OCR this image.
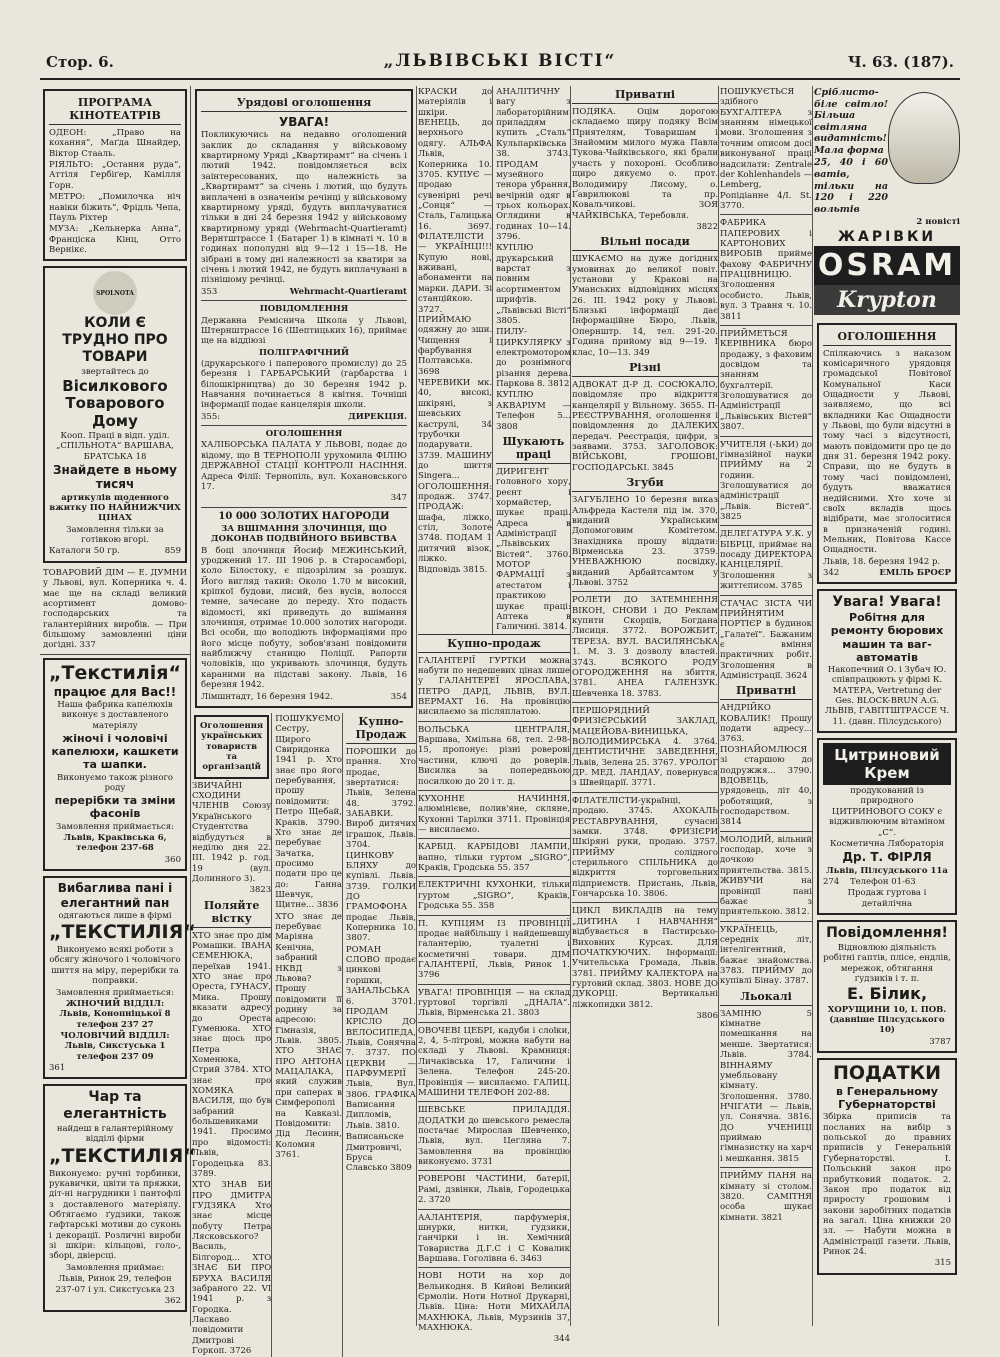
Стор. 6.	„ЛЬВІВСЬКІ ВІСТІ“	Ч. 63. (187).
ПРОГРАМА КІНОТЕАТРІВ
ОДЕОН: „Право на кохання“, Маґда Шнайдер, Віктор Стааль.
РІЯЛЬТО: „Остання руда“, Аттіля Гербіґер, Камілля Горн.
МЕТРО: „Помилочка ніч навіки біжить“, Фрідль Чепа, Пауль Ріхтер
МУЗА: „Кельнерка Анна“, Франціска Кінц, Отто Вернікє.
SPOLNOTA
КОЛИ Є ТРУДНО ПРО ТОВАРИ
звертайтесь до
Вісилкового Товарового Дому
Кооп. Праці в відп. уділ. „СПІЛЬНОТА“ ВАРШАВА, БРАТСЬКА 18
Знайдете в ньому тисяч
артикулів щоденного вжитку ПО НАЙНИЖЧИХ ЦІНАХ
Замовлення тільки за готівкою вгорі.
Каталоги 50 гр.	859
ТОВАРОВИЙ ДІМ — Е. ДУМНИ у Львові, вул. Коперника ч. 4. має ще на складі великий асортимент домово-господарських та галантерійних виробів. — При більшому замовленні ціни догідні. 337
„Текстилія“
працює для Вас!!
Наша фабрика капелюхів виконує з доставленого матеріялу
жіночі і чоловічі капелюхи, кашкети та шапки.
Виконуємо також різного роду
перерібки та зміни фасонів
Замовлення приймається:
Львів, Краківська 6, телефон 237-68
360
Вибаглива пані і елегантний пан
одягаються лише в фірмі
„ТЕКСТИЛІЯ“
Виконуємо всякі роботи з обсягу жіночого і чоловічого шиття на міру, перерібки та поправки.
Замовлення приймається:
ЖІНОЧИЙ ВІДДІЛ: Львів, Конопніцької 8 телефон 237 27
ЧОЛОВІЧИЙ ВІДДІЛ: Львів, Сикстуська 1 телефон 237 09
361
Чар та елегантність
найдеш в галантерійному відділі фірми
„ТЕКСТИЛІЯ“
Виконуємо: ручні торбинки, рукавички, цвіти та пряжки, діт-ні нагрудники і пантофлі з доставленого матеріялу. Обтягаємо ґудзики, також гафтарські мотиви до суконь і декорації. Розличні вироби зі шкіри: кільщові, голо-, зборі, двіерсці.
Замовлення приймає:
Львів, Ринок 29, телефон 237-07 і ул. Сикстуська 23
362
Урядові оголошення
УВАГА!
Покликуючись на недавно оголошений заклик до складання у військовому квартирному Уряді „Квартирамт“ на січень і лютий 1942. повідомляється всіх заінтересованих, що належність за „Квартирамт“ за січень і лютий, що будуть виплачені в означенім речінці у військовому квартирному уряді, будуть виплачуватися тільки в дні 24 березня 1942 у військовому квартирному уряді (Wehrmacht-Quartieramt) Вернтштрассе 1 (Батарег 1) в кімнаті ч. 10 в годинах пополудні від 9—12 і 15—18. Не зібрані в тому дні належності за кватири за січень і лютий 1942, не будуть виплачувані в пізнішому речінці.
353	Wehrmacht-Quartieramt
ПОВІДОМЛЕННЯ
Державна Реміснича Школа у Львові, Штернштрассе 16 (Шептицьких 16), приймає ще на віддіюзі
ПОЛІГРАФІЧНИЙ
(друкарського і паперового промислу) до 25 березня і ГАРБАРСЬКИЙ (гарбарства і білошкірництва) до 30 березня 1942 р. Навчання починається 8 квітня. Точніші інформації подає канцелярія школи.
355:	ДИРЕКЦІЯ.
ОГОЛОШЕННЯ
ХАЛІБОРСЬКА ПАЛАТА У ЛЬВОВІ, подає до відому, що В ТЕРНОПОЛІ урухомила ФІЛІЮ ДЕРЖАВНОЇ СТАЦІЇ КОНТРОЛІ НАСІННЯ. Адреса Філії: Тернопіль, вул. Кохановського 17.
347
10 000 ЗОЛОТИХ НАГОРОДИ
ЗА ВШІМАННЯ ЗЛОЧИНЦЯ, ЩО ДОКОНАВ ПОДВІЙНОГО ВБИВСТВА
В боці злочинця Йосиф МЕЖИНСЬКИЙ, уроджений 17. III 1906 р. в Старосамборі, коло Білостоку, є підозрілим за розшук. Його вигляд такий: Около 1.70 м високий, кріпкої будови, лисий, без вусів, волосся темне, зачесане до переду. Хто подасть відомості, які приведуть до вшімання злочинця, отримає 10.000 золотих нагороди. Всі особи, що володіють інформаціями про його місце побуту, зобов'язані повідомити найближчу станицю Поліції. Рапорти чоловіків, що укривають злочинця, будуть караними на підставі закону. Львів, 16 березня 1942.
Лімшнтадт, 16 березня 1942.	354
Оголошення українських товариств та організацій
ЗВИЧАЙНІ СХОДИНИ ЧЛЕНІВ Союзу Українського Студентства відбудуться в неділю дня 22. III. 1942 р. год. 19 (вул. Долинного 3).
3823
Поляйте вістку
ХТО знає про дім Ромашки. ІВАНА СЕМЕНЮКА, переїхав 1941. ХТО знає про Ореста, ГУНАСУ, Мика. Прошу вказати адресу до Ореста Гуменюка. ХТО знає щось про Петра Хоменюка, Стрий 3784. ХТО знає про ХОМЯКА ВАСИЛЯ, що був забраний большевиками 1941. Просимо про відомості: Львів, Городецька 83. 3789.
ХТО ЗНАВ БИ ПРО ДМИТРА ГУДЗЯКА Хто знає місце побуту Петра Лясковського? Василь, Білгород... ХТО ЗНАЄ БИ ПРО БРУХА ВАСИЛЯ забраного 22. VI 1941 р. з Городка. Ласкаво повідомити Дмитрові Горкоп. 3726
ПОШУКУЄМО Сестру, Щирого Свиридонка 1941 р. Хто знає про його перебування, прошу повідомити: Петро Щебай, Краків. 3790. Хто знає де перебуває Зачатка, просимо подати про це до: Ганна Шевчук, Щитне... 3836
ХТО знає де перебуває Маріяна Кенічна, забраний НКВД з Львова? Прошу повідомити її родину за адресою: Гімназія, Львів. 3805. ХТО ЗНАЄ ПРО АНТОНА МАЦАЛАКА, який служив при саперах в Симферополі на Кавказі. Повідомити: Дід Лесинн, Коломия 3761.
Купно-Продаж
ПОРОШКИ до прання. Хто продає, звертатися: Львів, Зелена 48. 3792. ЗАБАВКИ. Вироб дитячих іграшок, Львів. 3704. ЦИНКОВУ БЛЯХУ до купівлі. Львів. 3739. ГОЛКИ ДО ГРАМОФОНА продає Львів, Коперника 10. 3807.
РОМАН СЛОВО продає цинкові горшки, ЗАНАЛЬСЬКА 6. 3701. ПРОДАМ КРІСЛО ДО ВЕЛОСИПЕДА, Львів, Сонячна 7. 3737. ПО ЦЕРКВИ — ПАРФУМЕРІЇ Львів, Вул. 3806. ГРАФІКА Ваписання Дипломів, Львів. 3810.
Ваписаньске Дмитровичі, Бруса Славсько 3809
КРАСКИ до матеріялів і шкіри. ВЕНЕЦЬ, до верхнього одягу. АЛЬФА Львів, Коперника 10. 3705. КУПУЄ — продаю сувенірні речі „Сонця“ — Сталь, Галицька 16. 3697. ФІЛАТЕЛІСТИ — УКРАЇНЦІ!!! Купую нові, вживані, абонаменти на марки. ДАРИ. Зі станційкою. 3727. ПРИЙМАЮ одяжну до зши. Чищення і фарбування Полтавська. 3698
ЧЕРЕВИКИ мк. 40, високі, шкіряні, з шевських каструлі, 34 трубочки подарувати. 3739. МАШИНУ до шиття Singera... ОГОЛОШЕННЯ: продаж. 3747. ПРОДАЖ: шафа, ліжко, стіл, Золоте 3748. ПОДАМ 1 дитячий візок, ліжко. Відповідь 3815.
АНАЛІТИЧНУ вагу з лабораторійним приладдям купить „Сталь“ Кульпарківська 38. 3743. ПРОДАМ музейного тенора убрання, вечірній одяг в трьох кольорах. Оглядини в годинах 10—14. 3796.
КУПЛЮ друкарський варстат з повним асортиментом шрифтів. „Львівські Вісті“ 3805.
ПИЛУ-ЦИРКУЛЯРКУ з електромотором до рознімного різання дерева. Паркова 8. 3812
КУПЛЮ АКВАРІУМ — Телефон 5... 3808
Шукають праці
ДИРИГЕНТ головного хору, реєнт і хормайстер, шукає праці. Адреса в Адміністрації „Львівських Вістей“. 3760. МОТОР ФАРМАЦІЇ з атестатом і практикою шукає праці: Аптека в Галичині. 3814.
Купно-продаж
ГАЛАНТЕРІЇ ГУРТКИ можна набути по недешевих цінах лише у ГАЛАНТЕРЕЇ ЯРОСЛАВА, ПЕТРО ДАРД, ЛЬВІВ, ВУЛ. ВЕРМАХТ 16. На провінцію висилаємо за післяплатою.
ВОЛЬСЬКА ЦЕНТРАЛЯ, Варшава, Хмільна 68, тел. 2-98-15, пропонує: різні роверові частини, ключі до роверів. Висилка за попередньою посилкою до 20 і т. д.
КУХОННЕ НАЧИННЯ, алюмінієве, полив'яне, скляне, Кухонні Тарілки 3711. Провінція — висилаємо.
КАРБІД. КАРБІДОВІ ЛАМПИ, вапно, тільки гуртом „SIGRO“, Краків, Гродська 55. 357
ЕЛЕКТРИЧНІ КУХОНКИ, тільки гуртом „SIGRO“, Краків, Гродська 55. 358
П. КУПЦЯМ ІЗ ПРОВІНЦІЇ продає найбільшу і найдешевшу галантерію, туалетні і косметичні товари. ДІМ ГАЛАНТЕРІЇ, Львів, Ринок 1. 3796
УВАГА! ПРОВІНЦІЯ — на склад гуртової торгівлі „ДНАЛА“. Львів, Вірменська 21. 3803
ОВОЧЕВІ ЦЕБРІ, кадуби і слоїки, 2, 4, 5-літрові, можна набути на складі у Львові. Крамниця: Личаківська 17, Галичини і Зелена. Телефон 245-20. Провінція — висилаємо. ГАЛИЦ. МАШИНИ ТЕЛЕФОН 202-88.
ШЕВСЬКЕ ПРИЛАДДЯ. ДОДАТКИ до шевського ремесла постачає Мирослав Шевченко, Львів, вул. Цегляна 7. Замовлення на провінцію виконуємо. 3731
РОВЕРОВІ ЧАСТИНИ, батерії, Рамі, дзвінки, Львів, Городецька 2. 3720
ААЛАНТЕРІЯ, парфумерія, шнурки, нитки, ґудзики, ганчірки і ін. Хемічний Товариства Д.Г.С і С Ковалик Варшава. Гоголівна 6. 3463
НОВІ НОТИ на хор до Вельикодня. В Кийові Великий Єрмоліи. Ноти Нотної Друкарні, Львів. Ціна: Ноти МИХАЙЛА МАХНЮКА, Львів, Мурзинів 37, МАХНЮКА.
344
Приватні
ПОДЯКА. Оцім дорогою складаємо щиру подяку Всім Приятелям, Товаришам і Знайомим милого мужа Павла Тукова-Чайківського, які брали участь у похороні. Особливо щиро дякуємо о. прот. Володимиру Лисому, о. Ґаврилюкові та пр. Ковальчикові. ЗОЯ ЧАЙКІВСЬКА, Теребовля.
3822
Вільні посади
ШУКАЄМО на дуже догідних умовинах до великої повіт. установи у Кракові на Уманських відповідних місцях 26. III. 1942 року у Львові. Близькі інформації дає Інформаційне Бюро, Львів, Опернштр. 14, тел. 291-20. Година прийому від 9—19. І клас, 10—13. 349
Різні
АДВОКАТ Д-Р Д. СОСЮКАЛО, повідомляє про відкриття канцелярії у Вільному. 3655. П-РЕЄСТРУВАННЯ, оголошення і повідомлення до ДАЛЕКИХ передач. Реєстрація, цифри, з заявами. 3753. ЗАГОЛОВОК: ВІЙСЬКОВІ, ГРОШОВІ, ГОСПОДАРСЬКІ. 3845
Згуби
ЗАГУБЛЕНО 10 березня виказ Альфреда Кастеля під ім. 370, виданий Українським Допомоговим Комітетом. Знахідника прошу віддати: Вірменська 23. 3759. УНЕВАЖНЮЮ посвідку, виданий Арбайтсамтом у Львові. 3752
РОЛЕТИ ДО ЗАТЕМНЕННЯ ВІКОН, СНОВИ і ДО Реклам купити Скорців, Богдана Лисиця. 3772. ВОРОЖБИТ, ТЕРЕЗА. ВУЛ. ВАСИЛЯНСЬКА 1. М. 3. З дозволу властей. 3743. ВСЯКОГО РОДУ ОГОРОДЖЕННЯ на збиття, 3781. АНЕА ГАЛЕНЗУК. Шевченка 18. 3783.
ПЕРШОРЯДНИЙ ФРИЗІЄРСЬКИЙ ЗАКЛАД, МАЦЕЙОВА-ВИНИЦЬКА, ВОЛОДИМИРСЬКА 4. 3764. ДЕНТИСТИЧНЕ ЗАВЕДЕННЯ, Львів, Зелена 25. 3767. УРОЛОГ ДР. МЕД. ЛАНДАУ, повернувся з Швейцарії. 3771.
ФІЛАТЕЛІСТИ-українці, продаю. 3745. АХОКАЛЬ РЕСТАВРУВАННЯ, сучасні замки. 3748. ФРИЗІЄРИ Шкіряні руки, продаю. 3757. ПРИЙМУ солідного стерильного СПІЛЬНИКА до відкриття торговельних підприємств. Пристань, Львів, Гончарська 10. 3806.
ЦИКЛ ВИКЛАДІВ на тему „ДИТИНА І НАВЧАННЯ“ відбувається в Пастирсько-Виховних Курсах. ДЛЯ ПОЧАТКУЮЧИХ. Інформації: Учительська Громада, Львів. 3781. ПРИЙМУ КАЛЕКТОРА на гуртовий склад. 3803. НОВЕ ДО ДУКОРЦІ. Вертикальні ліжкопидки 3812.
3806
ПОШУКУЄТЬСЯ здібного БУХГАЛТЕРА з знанням німецької мови. Зголошення з точним описом досі виконуваної праці надсилати: Zentrale der Kohlenhandels — Lemberg, Ропідіанне 4/І. St. 3770.
ФАБРИКА ПАПЕРОВИХ і КАРТОНОВИХ ВИРОБІВ прийме фахову ФАБРИЧНУ ПРАЦІВНИЦЮ. Зголошення особисто. Львів, вул. 3 Травня ч. 10. 3811
ПРИЙМЕТЬСЯ КЕРІВНИКА бюро продажу, з фаховим досвідом та знанням бухгалтерії. Зголошуватися до Адміністрації „Львівських Вістей“ 3807.
УЧИТЕЛЯ (-ЬКИ) до гімназійної науки ПРИЙМУ на 2 години. Зголошуватися до адміністрації „Львів. Вістей“. 3825
ДЕЛЕГАТУРА У.К. у БІБРЦІ, приймає на посаду ДИРЕКТОРА КАНЦЕЛЯРІЇ. Зголошення з життєписом. 3785
СТАЧАС ЗІСТА ЧИ ПРИЙНЯТИМ ПОРТІЄР в будинок „Галатеї“. Бажаним є вміння практичних робіт. Зголошення в Адміністрації. 3624
Приватні
АНДРІЙКО КОВАЛИК! Прошу подати адресу... 3763. ПОЗНАЙОМЛЮСЯ зі старшою до подружжя... 3790. ВДОВЕЦЬ, урядовець, літ 40, роботящий, з господарством. 3814
МОЛОДИЙ, вільний господар, хоче з дочкою приятельства. 3815. ЖИВУЧИ на провінції пані бажає з приятелькою. 3812.
УКРАЇНЕЦЬ, середніх літ, інтелігентний, бажає знайомства. 3783. ПРИЙМУ до купівлі Бінау. 3787.
Льокалі
ЗАМІНЮ 5 кімнатне помешкання на менше. Звертатися: Львів. 3784. ВІННАЯМУ умебльовану кімнату. Зголошення. 3780. НЧІГАТИ — Львів, ул. Сонячна. 3816. ДО УЧЕНИЦІ приймаю гімназистку на харч і мешкання. 3815
ПРИЙМУ ПАНЯ на кімнату зі столом. 3820. САМІТНЯ особа шукає кімнати. 3821
Сріблисто-біле світло! Більша світляна видатність! Мала форма
25, 40 і 60 ватів, тільки на 120 і 220 вольтів
2 новісті
ЖАРІВКИ
OSRAM
Krypton
ОГОЛОШЕННЯ
Спілкаючись з наказом комісаричного урядовця громадської Повітової Комунальної Каси Ощадности у Львові, заявляємо, що всі вкладники Кас Ощадности у Львові, що були відсутні в тому часі з відсутності, мають повідомити про це до дня 31. березня 1942 року. Справи, що не будуть в тому часі повідомлені, будуть вважатися недійсними. Хто хоче зі своїх вкладів щось відібрати, має зголоситися в призначеній годині. Мельник, Повітова Кассе Ощадности.
Львів, 18. березня 1942 р.
342	ЕМІЛЬ БРОЄР
Увага! Увага!
Робітня для ремонту бюрових машин та ваг-автоматів
Накопечний О. і Зубач Ю. співпрацюють у фірмі К. МАТЕРА, Vertretung der Ges. BLOCK-BRUN A.G. ЛЬВІВ, ГАВПТШТРАССЕ Ч. 11. (давн. Пілсудського)
Цитриновий Крем
продукований із природного ЦИТРИНОВОГО СОКУ є відживлюючим вітаміном „С“.
Косметична Лябораторія
Др. Т. ФІРЛЯ
Львів, Пілсудського 11а
274 Телефон 01-63
Продаж гуртова і детайлічна
Повідомлення!
Відновлюю діяльність робітні гаптів, плісе, ендлів, мережок, обтягання ґудзиків і т. п.
Е. Білик,
ХОРУЩИНИ 10, І. ПОВ. (давніше Пілсудського 10)
3787
ПОДАТКИ
в Генеральному Губернаторстві
Збірка приписів та посланих на вибір з польської до правних приписів у Генеральній Губернаторстві. І. Польський закон про прибутковий податок. 2. Закон про податок від приросту грошовим і закони заробітних податків на загал. Ціна книжки 20 зл. — Набути можна в Адміністрації газети. Львів, Ринок 24.
315
